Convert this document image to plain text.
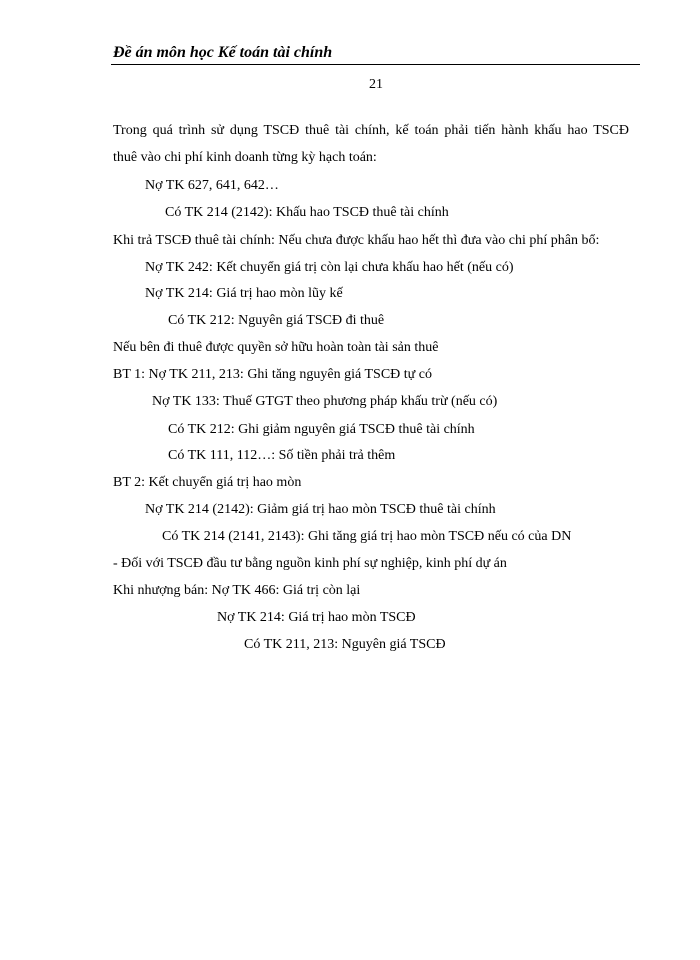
Đề án môn học Kế toán tài chính
21
Trong quá trình sử dụng TSCĐ thuê tài chính, kế toán phải tiến hành khấu hao TSCĐ
thuê vào chi phí kinh doanh từng kỳ hạch toán:
Nợ TK 627, 641, 642…
Có TK 214 (2142): Khấu hao TSCĐ thuê tài chính
Khi trả TSCĐ thuê tài chính: Nếu chưa được khấu hao hết thì đưa vào chi phí phân bổ:
Nợ TK 242: Kết chuyển giá trị còn lại chưa khấu hao hết (nếu có)
Nợ TK 214: Giá trị hao mòn lũy kế
Có TK 212: Nguyên giá TSCĐ đi thuê
Nếu bên đi thuê được quyền sở hữu hoàn toàn tài sản thuê
BT 1: Nợ TK 211, 213: Ghi tăng nguyên giá TSCĐ tự có
Nợ TK 133: Thuế GTGT theo phương pháp khấu trừ (nếu có)
Có TK 212: Ghi giảm nguyên giá TSCĐ thuê tài chính
Có TK 111, 112…: Số tiền phải trả thêm
BT 2: Kết chuyển giá trị hao mòn
Nợ TK 214 (2142): Giảm giá trị hao mòn TSCĐ thuê tài chính
Có TK 214 (2141, 2143): Ghi tăng giá trị hao mòn TSCĐ nếu có của DN
- Đối với TSCĐ đầu tư bằng nguồn kinh phí sự nghiệp, kinh phí dự án
Khi nhượng bán: Nợ TK 466: Giá trị còn lại
Nợ TK 214: Giá trị hao mòn TSCĐ
Có TK 211, 213: Nguyên giá TSCĐ
